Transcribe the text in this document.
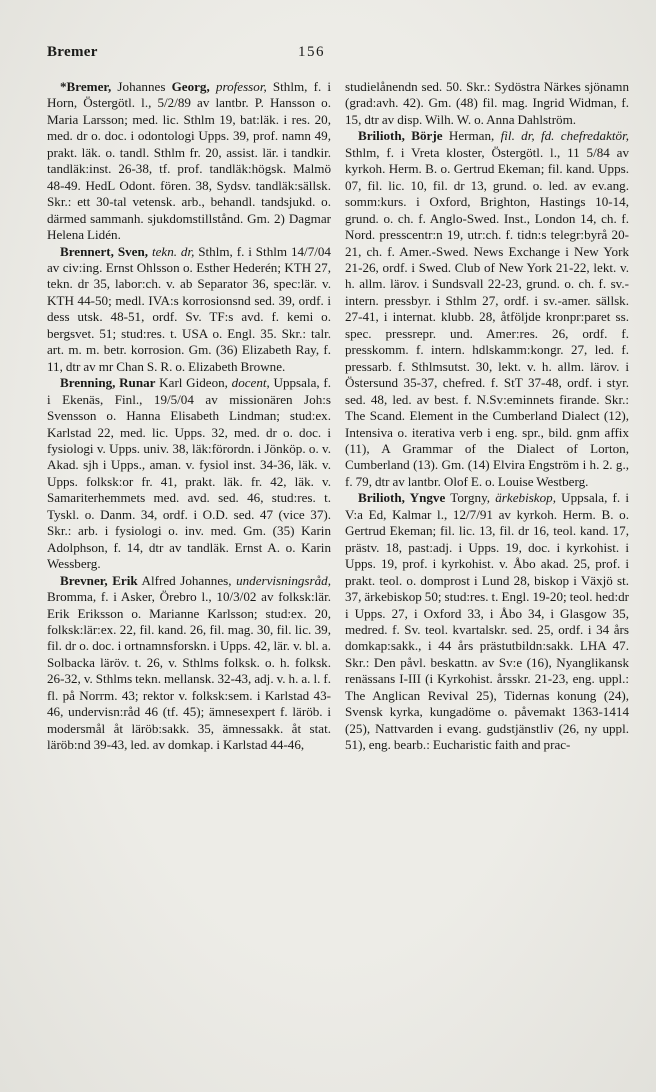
Bremer	156

*Bremer, Johannes Georg, professor, Sthlm, f. i Horn, Östergötl. l., 5/2/89 av lantbr. P. Hansson o. Maria Larsson; med. lic. Sthlm 19, bat:läk. i res. 20, med. dr o. doc. i odontologi Upps. 39, prof. namn 49, prakt. läk. o. tandl. Sthlm fr. 20, assist. lär. i tandkir. tandläk:inst. 26-38, tf. prof. tandläk:högsk. Malmö 48-49. HedL Odont. fören. 38, Sydsv. tandläk:sällsk. Skr.: ett 30-tal vetensk. arb., behandl. tandsjukd. o. därmed sammanh. sjukdomstillstånd. Gm. 2) Dagmar Helena Lidén.

Brennert, Sven, tekn. dr, Sthlm, f. i Sthlm 14/7/04 av civ:ing. Ernst Ohlsson o. Esther Hederén; KTH 27, tekn. dr 35, labor:ch. v. ab Separator 36, spec:lär. v. KTH 44-50; medl. IVA:s korrosionsnd sed. 39, ordf. i dess utsk. 48-51, ordf. Sv. TF:s avd. f. kemi o. bergsvet. 51; stud:res. t. USA o. Engl. 35. Skr.: talr. art. m. m. betr. korrosion. Gm. (36) Elizabeth Ray, f. 11, dtr av mr Chan S. R. o. Elizabeth Browne.

Brenning, Runar Karl Gideon, docent, Uppsala, f. i Ekenäs, Finl., 19/5/04 av missionären Joh:s Svensson o. Hanna Elisabeth Lindman; stud:ex. Karlstad 22, med. lic. Upps. 32, med. dr o. doc. i fysiologi v. Upps. univ. 38, läk:förordn. i Jönköp. o. v. Akad. sjh i Upps., aman. v. fysiol inst. 34-36, läk. v. Upps. folksk:or fr. 41, prakt. läk. fr. 42, läk. v. Samariterhemmets med. avd. sed. 46, stud:res. t. Tyskl. o. Danm. 34, ordf. i O.D. sed. 47 (vice 37). Skr.: arb. i fysiologi o. inv. med. Gm. (35) Karin Adolphson, f. 14, dtr av tandläk. Ernst A. o. Karin Wessberg.

Brevner, Erik Alfred Johannes, undervisningsråd, Bromma, f. i Asker, Örebro l., 10/3/02 av folksk:lär. Erik Eriksson o. Marianne Karlsson; stud:ex. 20, folksk:lär:ex. 22, fil. kand. 26, fil. mag. 30, fil. lic. 39, fil. dr o. doc. i ortnamnsforskn. i Upps. 42, lär. v. bl. a. Solbacka läröv. t. 26, v. Sthlms folksk. o. h. folksk. 26-32, v. Sthlms tekn. mellansk. 32-43, adj. v. h. a. l. f. fl. på Norrm. 43; rektor v. folksk:sem. i Karlstad 43-46, undervisn:råd 46 (tf. 45); ämnesexpert f. läröb. i modersmål åt läröb:sakk. 35, ämnessakk. åt stat. läröb:nd 39-43, led. av domkap. i Karlstad 44-46,

studielånendn sed. 50. Skr.: Sydöstra Närkes sjönamn (grad:avh. 42). Gm. (48) fil. mag. Ingrid Widman, f. 15, dtr av disp. Wilh. W. o. Anna Dahlström.

Brilioth, Börje Herman, fil. dr, fd. chefredaktör, Sthlm, f. i Vreta kloster, Östergötl. l., 11 5/84 av kyrkoh. Herm. B. o. Gertrud Ekeman; fil. kand. Upps. 07, fil. lic. 10, fil. dr 13, grund. o. led. av ev.ang. somm:kurs. i Oxford, Brighton, Hastings 10-14, grund. o. ch. f. Anglo-Swed. Inst., London 14, ch. f. Nord. presscentr:n 19, utr:ch. f. tidn:s telegr:byrå 20-21, ch. f. Amer.-Swed. News Exchange i New York 21-26, ordf. i Swed. Club of New York 21-22, lekt. v. h. allm. lärov. i Sundsvall 22-23, grund. o. ch. f. sv.-intern. pressbyr. i Sthlm 27, ordf. i sv.-amer. sällsk. 27-41, i internat. klubb. 28, åtföljde kronpr:paret ss. spec. pressrepr. und. Amer:res. 26, ordf. f. presskomm. f. intern. hdlskamm:kongr. 27, led. f. pressarb. f. Sthlmsutst. 30, lekt. v. h. allm. lärov. i Östersund 35-37, chefred. f. StT 37-48, ordf. i styr. sed. 48, led. av best. f. N.Sv:eminnets firande. Skr.: The Scand. Element in the Cumberland Dialect (12), Intensiva o. iterativa verb i eng. spr., bild. gnm affix (11), A Grammar of the Dialect of Lorton, Cumberland (13). Gm. (14) Elvira Engström i h. 2. g., f. 79, dtr av lantbr. Olof E. o. Louise Westberg.

Brilioth, Yngve Torgny, ärkebiskop, Uppsala, f. i V:a Ed, Kalmar l., 12/7/91 av kyrkoh. Herm. B. o. Gertrud Ekeman; fil. lic. 13, fil. dr 16, teol. kand. 17, prästv. 18, past:adj. i Upps. 19, doc. i kyrkohist. i Upps. 19, prof. i kyrkohist. v. Åbo akad. 25, prof. i prakt. teol. o. domprost i Lund 28, biskop i Växjö st. 37, ärkebiskop 50; stud:res. t. Engl. 19-20; teol. hed:dr i Upps. 27, i Oxford 33, i Åbo 34, i Glasgow 35, medred. f. Sv. teol. kvartalskr. sed. 25, ordf. i 34 års domkap:sakk., i 44 års prästutbildn:sakk. LHA 47. Skr.: Den påvl. beskattn. av Sv:e (16), Nyanglikansk renässans I-III (i Kyrkohist. årsskr. 21-23, eng. uppl.: The Anglican Revival 25), Tidernas konung (24), Svensk kyrka, kungadöme o. påvemakt 1363-1414 (25), Nattvarden i evang. gudstjänstliv (26, ny uppl. 51), eng. bearb.: Eucharistic faith and prac-
